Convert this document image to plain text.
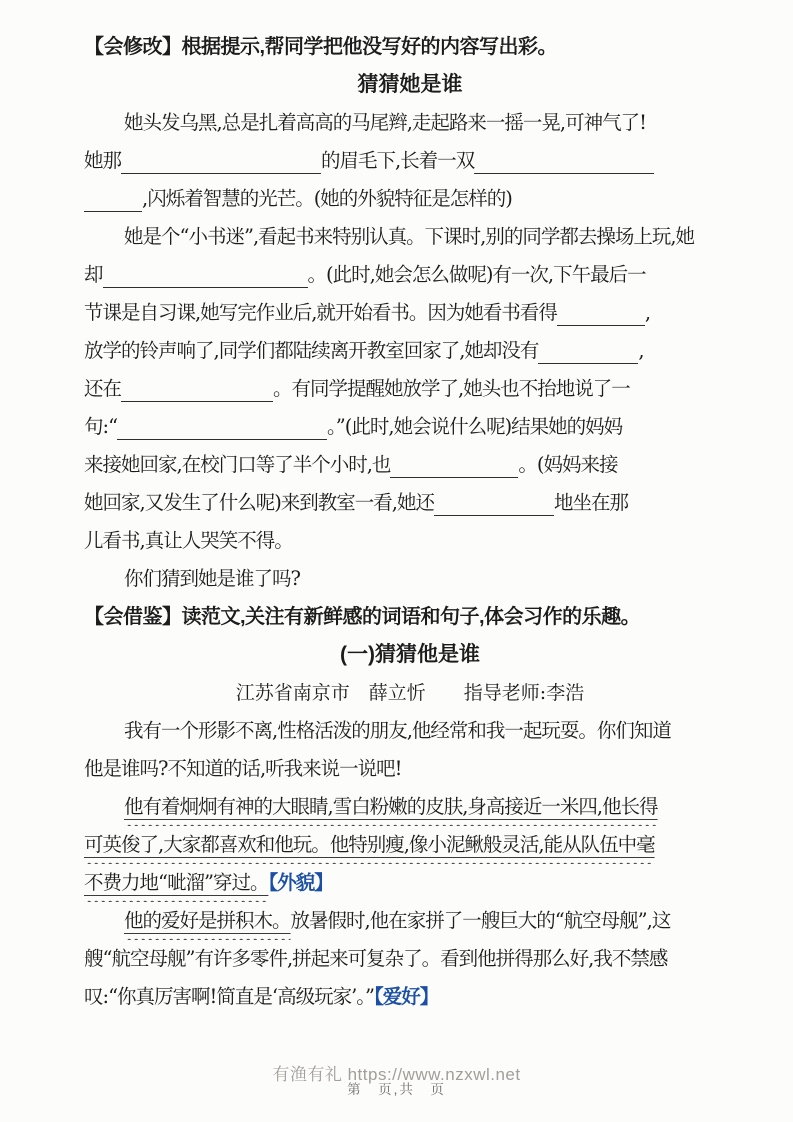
【会修改】根据提示,帮同学把他没写好的内容写出彩。
猜猜她是谁
她头发乌黑,总是扎着高高的马尾辫,走起路来一摇一晃,可神气了!
她那	的眉毛下,长着一双
,闪烁着智慧的光芒。(她的外貌特征是怎样的)
她是个“小书迷”,看起书来特别认真。下课时,别的同学都去操场上玩,她
却	。(此时,她会怎么做呢)有一次,下午最后一
节课是自习课,她写完作业后,就开始看书。因为她看书看得	,
放学的铃声响了,同学们都陆续离开教室回家了,她却没有	,
还在	。有同学提醒她放学了,她头也不抬地说了一
句:“	。”(此时,她会说什么呢)结果她的妈妈
来接她回家,在校门口等了半个小时,也	。(妈妈来接
她回家,又发生了什么呢)来到教室一看,她还	地坐在那
儿看书,真让人哭笑不得。
你们猜到她是谁了吗?
【会借鉴】读范文,关注有新鲜感的词语和句子,体会习作的乐趣。
(一)猜猜他是谁
江苏省南京市　薛立忻　　指导老师:李浩
我有一个形影不离,性格活泼的朋友,他经常和我一起玩耍。你们知道
他是谁吗?不知道的话,听我来说一说吧!
他有着炯炯有神的大眼睛,雪白粉嫩的皮肤,身高接近一米四,他长得
可英俊了,大家都喜欢和他玩。他特别瘦,像小泥鳅般灵活,能从队伍中毫
不费力地“呲溜”穿过。【外貌】
他的爱好是拼积木。放暑假时,他在家拼了一艘巨大的“航空母舰”,这
艘“航空母舰”有许多零件,拼起来可复杂了。看到他拼得那么好,我不禁感
叹:“你真厉害啊!简直是‘高级玩家’。”【爱好】
有渔有礼 https://www.nzxwl.net
第　页,共　页
